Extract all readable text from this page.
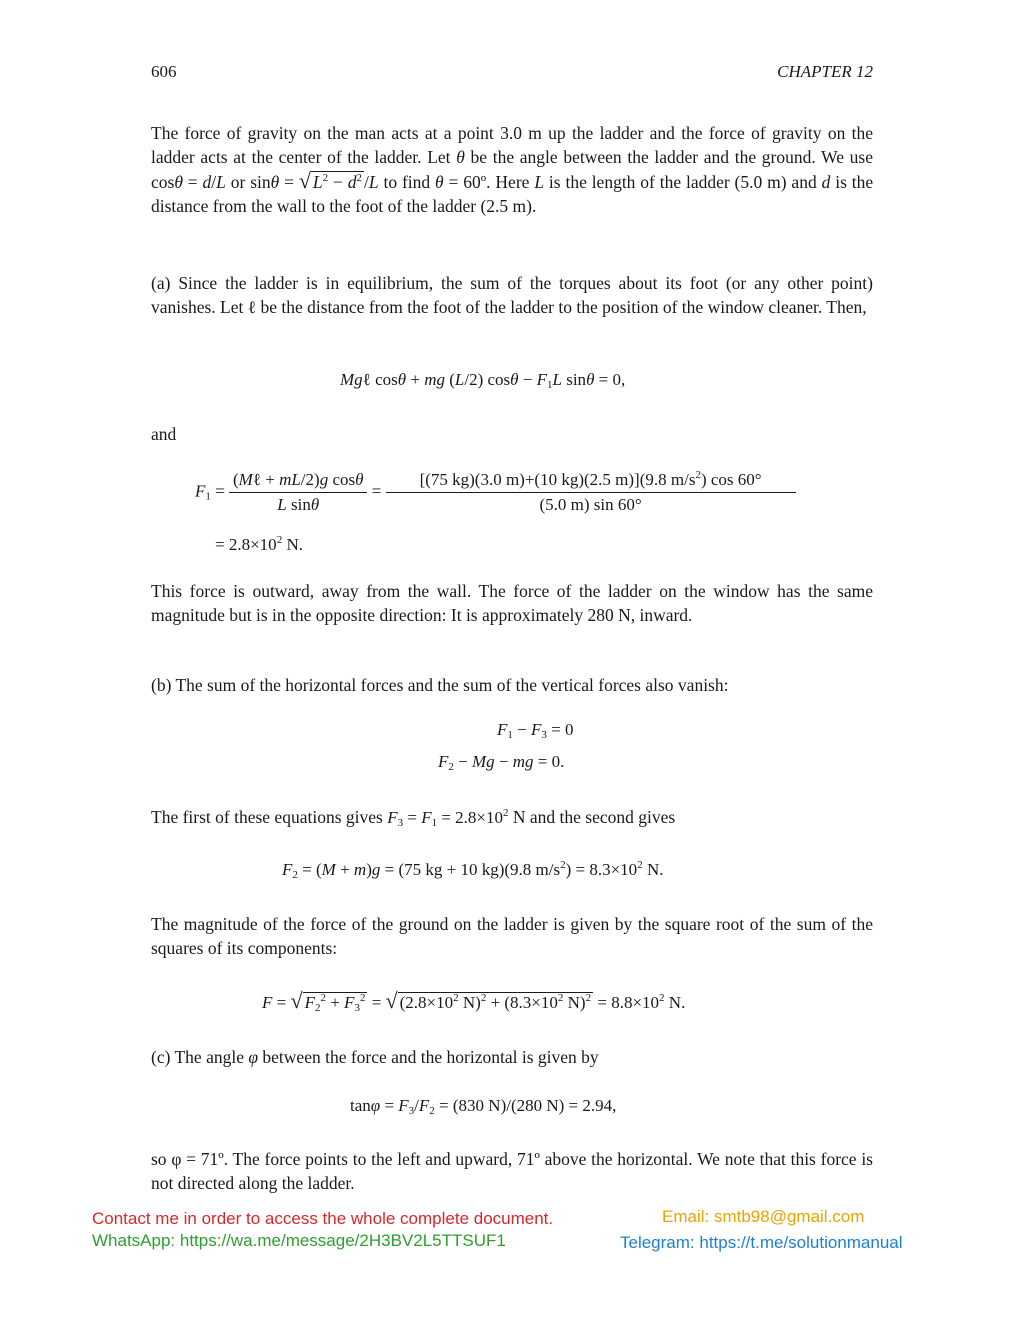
606	CHAPTER 12
The force of gravity on the man acts at a point 3.0 m up the ladder and the force of gravity on the ladder acts at the center of the ladder. Let θ be the angle between the ladder and the ground. We use cosθ = d/L or sinθ = √ $L^2 - d^2$ /L to find θ = 60º. Here L is the length of the ladder (5.0 m) and d is the distance from the wall to the foot of the ladder (2.5 m).
(a) Since the ladder is in equilibrium, the sum of the torques about its foot (or any other point) vanishes. Let ℓ be the distance from the foot of the ladder to the position of the window cleaner. Then,
Mgℓ cosθ + mg (L/2) $\cos\theta - F_1L$ sinθ = 0,
and
$F_1 = \frac{\text{(Mℓ + mL/2)g cosθ}}{\text{L sinθ}} = \frac{[(75 kg)(3.0 m)+(10 kg)(2.5 m)](9.8 m/s^2) \cos 60^\circ}{(5.0 m) \sin 60^\circ}$
= $2.8\times 10^2$ N.
This force is outward, away from the wall. The force of the ladder on the window has the same magnitude but is in the opposite direction: It is approximately 280 N, inward.
(b) The sum of the horizontal forces and the sum of the vertical forces also vanish:
$F_1 - F_3 = 0$
$F_2 - Mg$ − mg = 0.
The first of these equations gives $F_3 = F_1 = 2.8\times 10^2$ N and the second gives
$F_2 = (M + m)g = (75$ kg + 10 kg)(9.8 $m/s^2) = 8.3\times 10^2$ N.
The magnitude of the force of the ground on the ladder is given by the square root of the sum of the squares of its components:
F = √ $F_2^2 + F_3^2$ = √ ($2.8\times 10^2$ $N)^2 + (8.3\times 10^2$ $N)^2 = 8.8\times 10^2$ N.
(c) The angle φ between the force and the horizontal is given by
$\tan\varphi = F_3/F_2 = (830$ N)/(280 N) = 2.94,
so φ = 71º. The force points to the left and upward, 71º above the horizontal. We note that this force is not directed along the ladder.
Contact me in order to access the whole complete document.	Email: smtb98@gmail.com
WhatsApp: https://wa.me/message/2H3BV2L5TTSUF1	Telegram: https://t.me/solutionmanual
